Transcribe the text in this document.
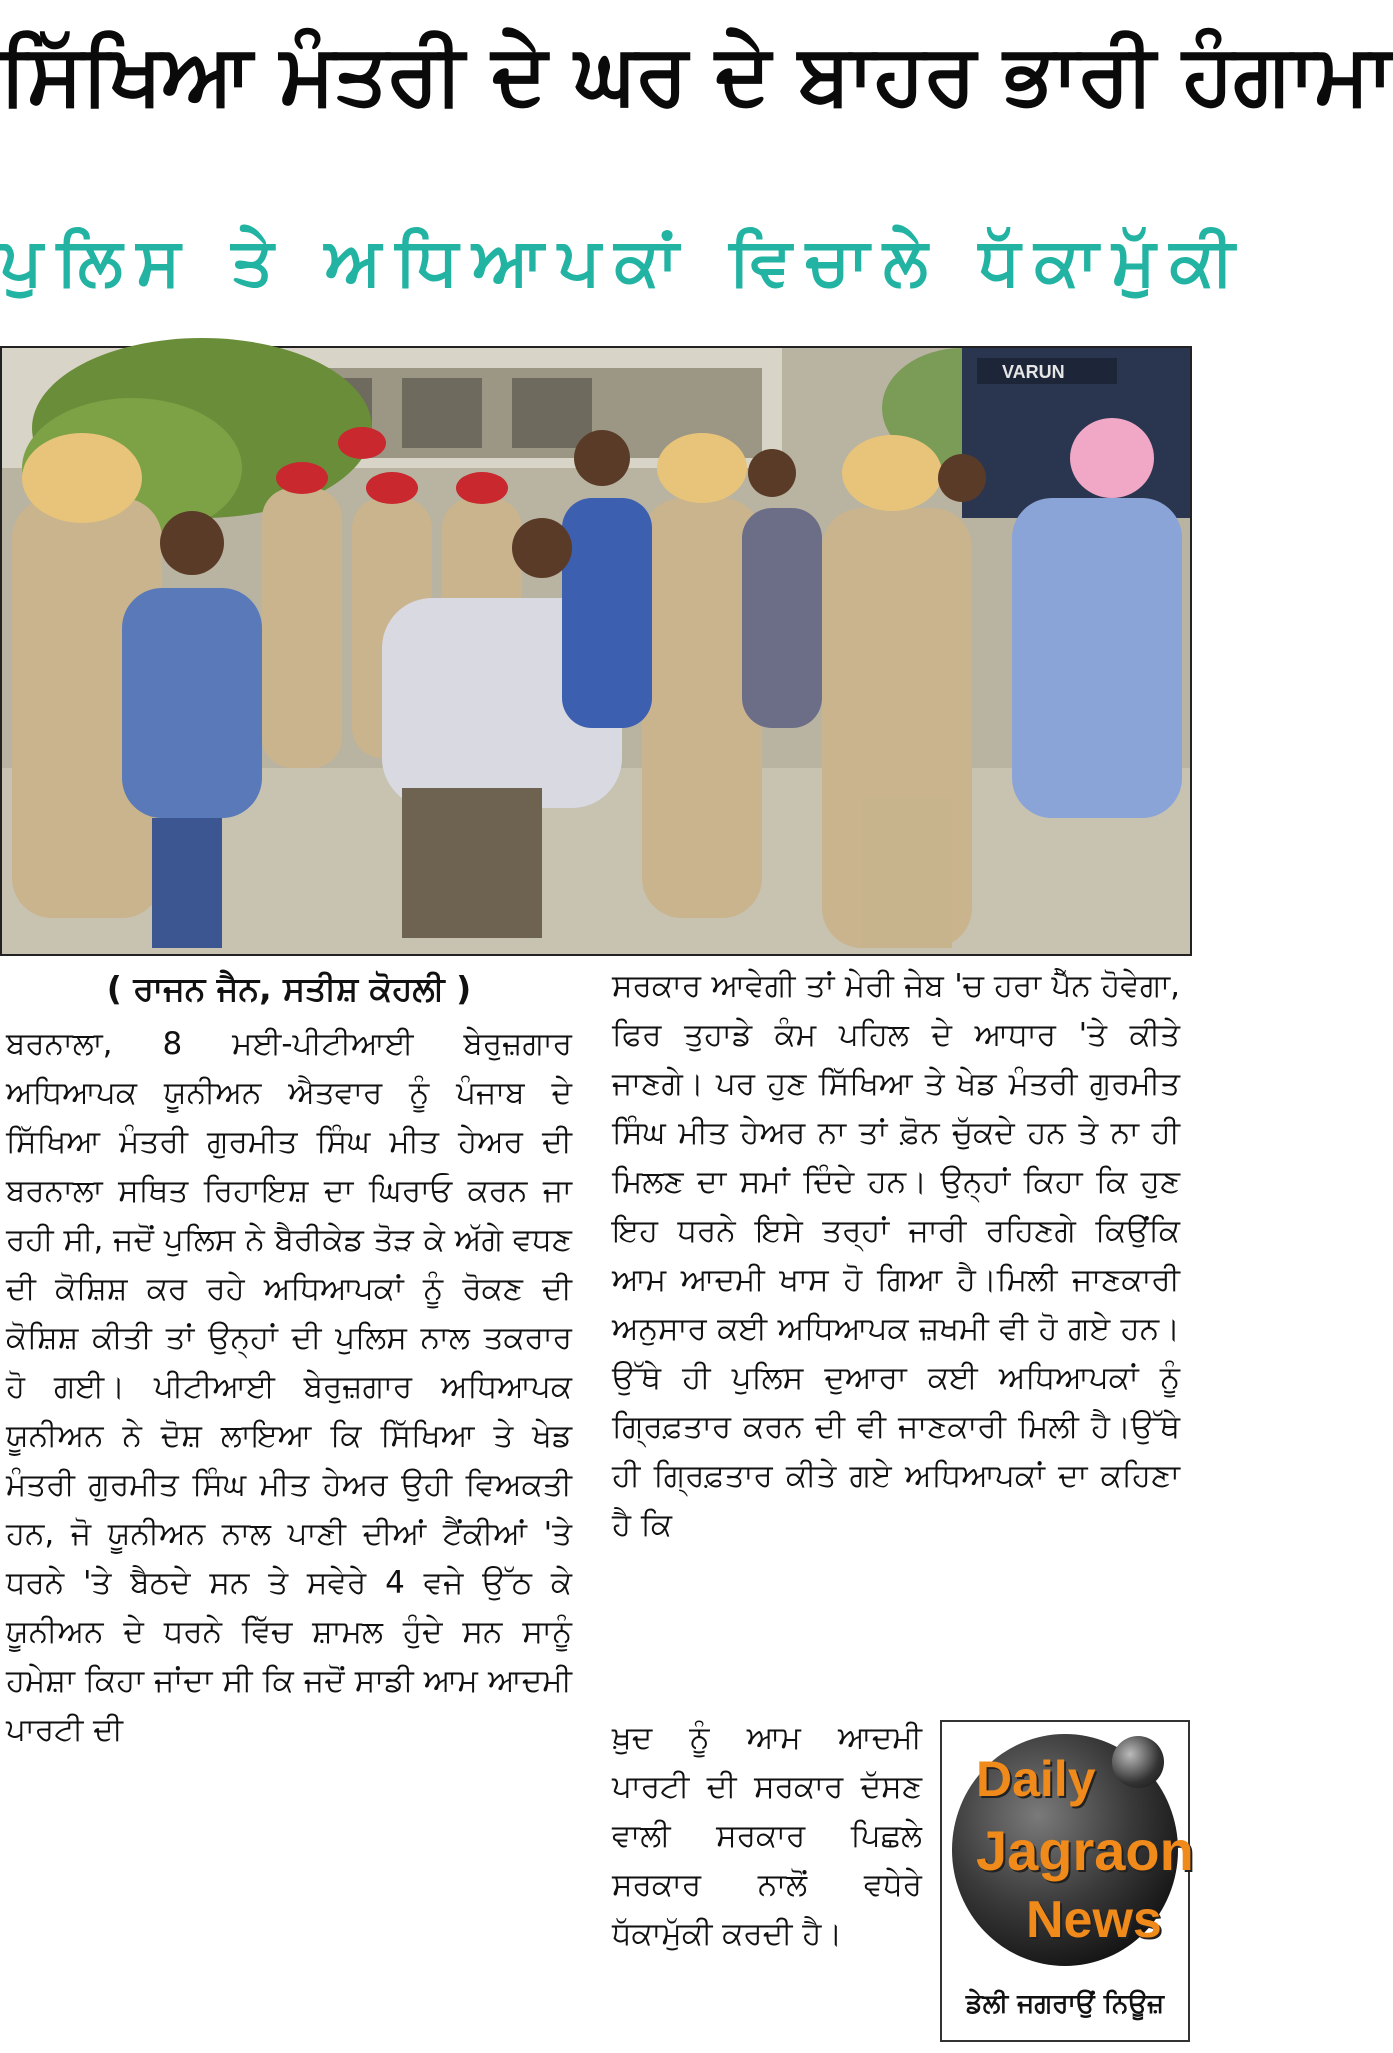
ਸਿੱਖਿਆ ਮੰਤਰੀ ਦੇ ਘਰ ਦੇ ਬਾਹਰ ਭਾਰੀ ਹੰਗਾਮਾ
ਪੁਲਿਸ ਤੇ ਅਧਿਆਪਕਾਂ ਵਿਚਾਲੇ ਧੱਕਾਮੁੱਕੀ
VARUN

( ਰਾਜਨ ਜੈਨ, ਸਤੀਸ਼ ਕੋਹਲੀ )

ਬਰਨਾਲਾ, 8 ਮਈ-ਪੀਟੀਆਈ ਬੇਰੁਜ਼ਗਾਰ ਅਧਿਆਪਕ ਯੂਨੀਅਨ ਐਤਵਾਰ ਨੂੰ ਪੰਜਾਬ ਦੇ ਸਿੱਖਿਆ ਮੰਤਰੀ ਗੁਰਮੀਤ ਸਿੰਘ ਮੀਤ ਹੇਅਰ ਦੀ ਬਰਨਾਲਾ ਸਥਿਤ ਰਿਹਾਇਸ਼ ਦਾ ਘਿਰਾਓ ਕਰਨ ਜਾ ਰਹੀ ਸੀ, ਜਦੋਂ ਪੁਲਿਸ ਨੇ ਬੈਰੀਕੇਡ ਤੋੜ ਕੇ ਅੱਗੇ ਵਧਣ ਦੀ ਕੋਸ਼ਿਸ਼ ਕਰ ਰਹੇ ਅਧਿਆਪਕਾਂ ਨੂੰ ਰੋਕਣ ਦੀ ਕੋਸ਼ਿਸ਼ ਕੀਤੀ ਤਾਂ ਉਨ੍ਹਾਂ ਦੀ ਪੁਲਿਸ ਨਾਲ ਤਕਰਾਰ ਹੋ ਗਈ। ਪੀਟੀਆਈ ਬੇਰੁਜ਼ਗਾਰ ਅਧਿਆਪਕ ਯੂਨੀਅਨ ਨੇ ਦੋਸ਼ ਲਾਇਆ ਕਿ ਸਿੱਖਿਆ ਤੇ ਖੇਡ ਮੰਤਰੀ ਗੁਰਮੀਤ ਸਿੰਘ ਮੀਤ ਹੇਅਰ ਉਹੀ ਵਿਅਕਤੀ ਹਨ, ਜੋ ਯੂਨੀਅਨ ਨਾਲ ਪਾਣੀ ਦੀਆਂ ਟੈਂਕੀਆਂ 'ਤੇ ਧਰਨੇ 'ਤੇ ਬੈਠਦੇ ਸਨ ਤੇ ਸਵੇਰੇ 4 ਵਜੇ ਉੱਠ ਕੇ ਯੂਨੀਅਨ ਦੇ ਧਰਨੇ ਵਿੱਚ ਸ਼ਾਮਲ ਹੁੰਦੇ ਸਨ ਸਾਨੂੰ ਹਮੇਸ਼ਾ ਕਿਹਾ ਜਾਂਦਾ ਸੀ ਕਿ ਜਦੋਂ ਸਾਡੀ ਆਮ ਆਦਮੀ ਪਾਰਟੀ ਦੀ

ਸਰਕਾਰ ਆਵੇਗੀ ਤਾਂ ਮੇਰੀ ਜੇਬ 'ਚ ਹਰਾ ਪੈੱਨ ਹੋਵੇਗਾ, ਫਿਰ ਤੁਹਾਡੇ ਕੰਮ ਪਹਿਲ ਦੇ ਆਧਾਰ 'ਤੇ ਕੀਤੇ ਜਾਣਗੇ। ਪਰ ਹੁਣ ਸਿੱਖਿਆ ਤੇ ਖੇਡ ਮੰਤਰੀ ਗੁਰਮੀਤ ਸਿੰਘ ਮੀਤ ਹੇਅਰ ਨਾ ਤਾਂ ਫ਼ੋਨ ਚੁੱਕਦੇ ਹਨ ਤੇ ਨਾ ਹੀ ਮਿਲਣ ਦਾ ਸਮਾਂ ਦਿੰਦੇ ਹਨ। ਉਨ੍ਹਾਂ ਕਿਹਾ ਕਿ ਹੁਣ ਇਹ ਧਰਨੇ ਇਸੇ ਤਰ੍ਹਾਂ ਜਾਰੀ ਰਹਿਣਗੇ ਕਿਉਂਕਿ ਆਮ ਆਦਮੀ ਖਾਸ ਹੋ ਗਿਆ ਹੈ।ਮਿਲੀ ਜਾਣਕਾਰੀ ਅਨੁਸਾਰ ਕਈ ਅਧਿਆਪਕ ਜ਼ਖਮੀ ਵੀ ਹੋ ਗਏ ਹਨ। ਉੱਥੇ ਹੀ ਪੁਲਿਸ ਦੁਆਰਾ ਕਈ ਅਧਿਆਪਕਾਂ ਨੂੰ ਗ੍ਰਿਫ਼ਤਾਰ ਕਰਨ ਦੀ ਵੀ ਜਾਣਕਾਰੀ ਮਿਲੀ ਹੈ।ਉੱਥੇ ਹੀ ਗ੍ਰਿਫ਼ਤਾਰ ਕੀਤੇ ਗਏ ਅਧਿਆਪਕਾਂ ਦਾ ਕਹਿਣਾ ਹੈ ਕਿ

ਖ਼ੁਦ ਨੂੰ ਆਮ ਆਦਮੀ ਪਾਰਟੀ ਦੀ ਸਰਕਾਰ ਦੱਸਣ ਵਾਲੀ ਸਰਕਾਰ ਪਿਛਲੇ ਸਰਕਾਰ ਨਾਲੋਂ ਵਧੇਰੇ ਧੱਕਾਮੁੱਕੀ ਕਰਦੀ ਹੈ।

Daily
Jagraon
News
ਡੇਲੀ ਜਗਰਾਉਂ ਨਿਊਜ਼
